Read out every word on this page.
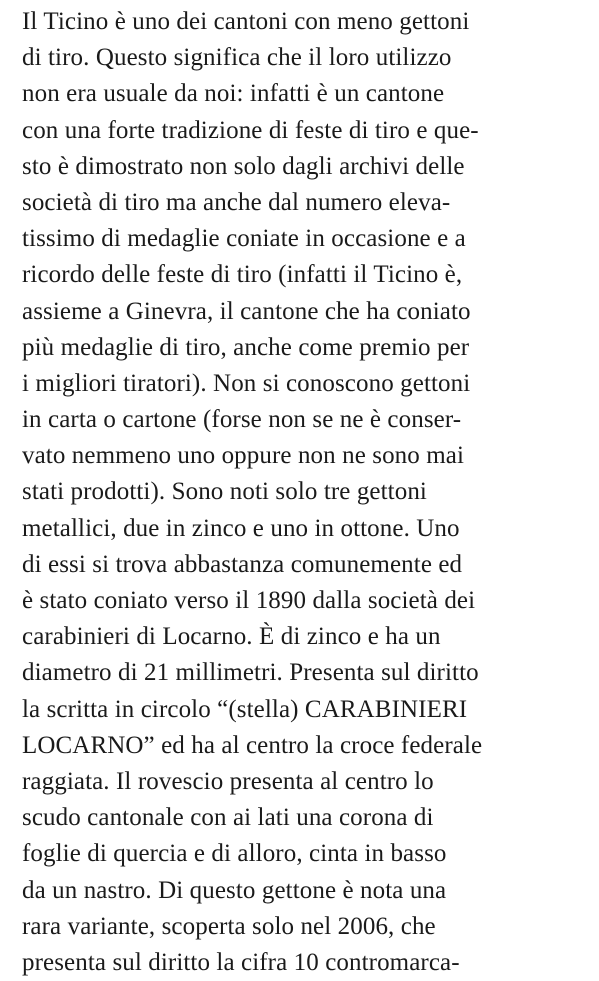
Il Ticino è uno dei cantoni con meno gettoni
di tiro. Questo significa che il loro utilizzo
non era usuale da noi: infatti è un cantone
con una forte tradizione di feste di tiro e que-
sto è dimostrato non solo dagli archivi delle
società di tiro ma anche dal numero eleva-
tissimo di medaglie coniate in occasione e a
ricordo delle feste di tiro (infatti il Ticino è,
assieme a Ginevra, il cantone che ha coniato
più medaglie di tiro, anche come premio per
i migliori tiratori). Non si conoscono gettoni
in carta o cartone (forse non se ne è conser-
vato nemmeno uno oppure non ne sono mai
stati prodotti). Sono noti solo tre gettoni
metallici, due in zinco e uno in ottone. Uno
di essi si trova abbastanza comunemente ed
è stato coniato verso il 1890 dalla società dei
carabinieri di Locarno. È di zinco e ha un
diametro di 21 millimetri. Presenta sul diritto
la scritta in circolo “(stella) CARABINIERI
LOCARNO” ed ha al centro la croce federale
raggiata. Il rovescio presenta al centro lo
scudo cantonale con ai lati una corona di
foglie di quercia e di alloro, cinta in basso
da un nastro. Di questo gettone è nota una
rara variante, scoperta solo nel 2006, che
presenta sul diritto la cifra 10 contromarca-
